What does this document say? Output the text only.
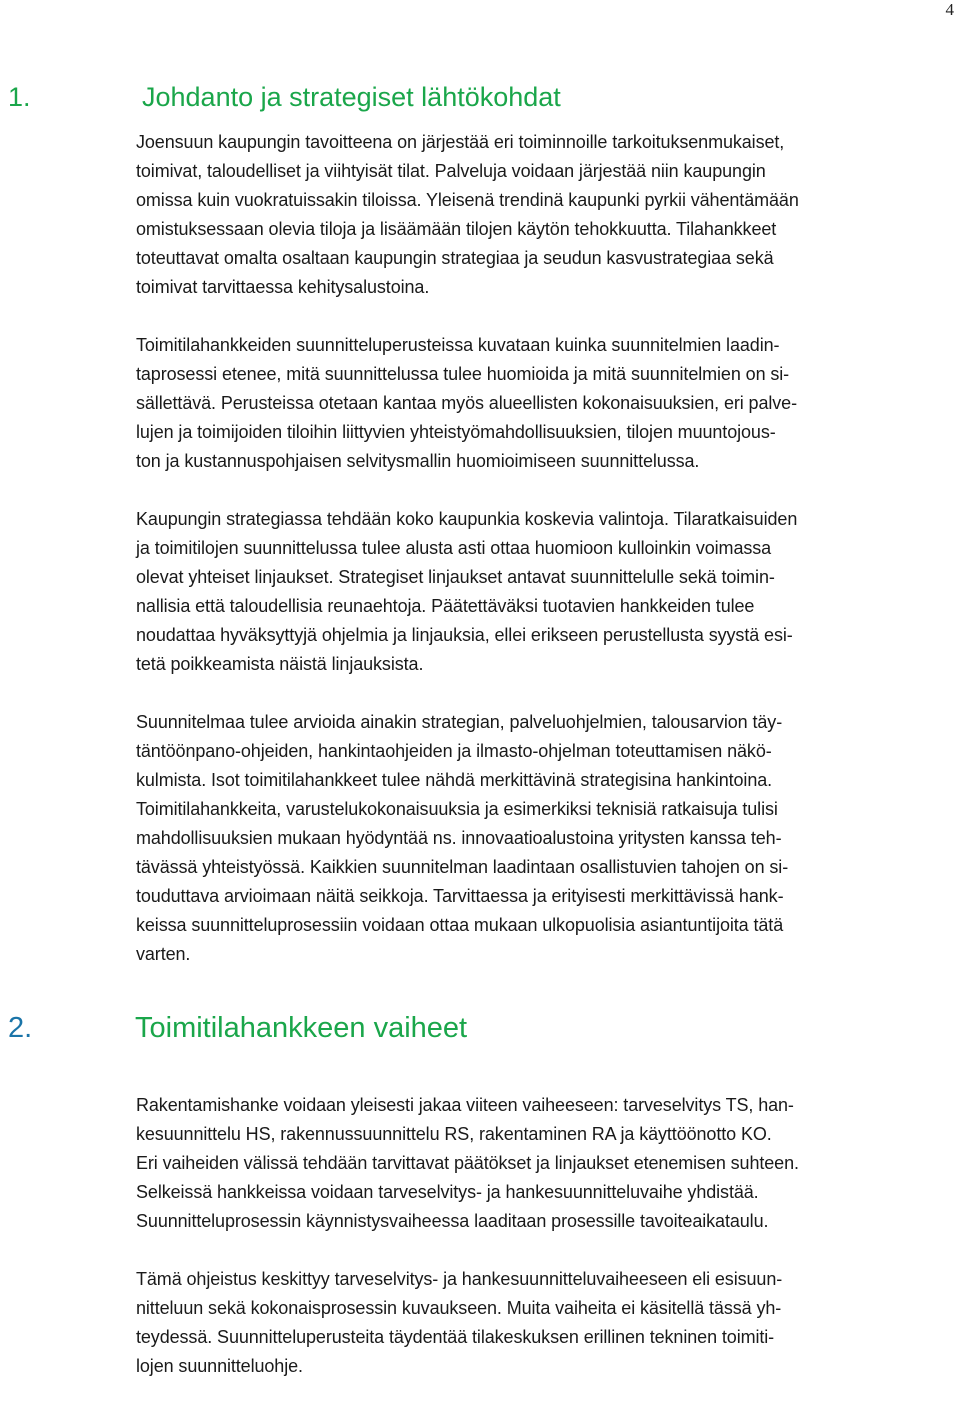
4
1.	Johdanto ja strategiset lähtökohdat

Joensuun kaupungin tavoitteena on järjestää eri toiminnoille tarkoituksenmukaiset,
toimivat, taloudelliset ja viihtyisät tilat. Palveluja voidaan järjestää niin kaupungin
omissa kuin vuokratuissakin tiloissa. Yleisenä trendinä kaupunki pyrkii vähentämään
omistuksessaan olevia tiloja ja lisäämään tilojen käytön tehokkuutta. Tilahankkeet
toteuttavat omalta osaltaan kaupungin strategiaa ja seudun kasvustrategiaa sekä
toimivat tarvittaessa kehitysalustoina.

Toimitilahankkeiden suunnitteluperusteissa kuvataan kuinka suunnitelmien laadin-
taprosessi etenee, mitä suunnittelussa tulee huomioida ja mitä suunnitelmien on si-
sällettävä. Perusteissa otetaan kantaa myös alueellisten kokonaisuuksien, eri palve-
lujen ja toimijoiden tiloihin liittyvien yhteistyömahdollisuuksien, tilojen muuntojous-
ton ja kustannuspohjaisen selvitysmallin huomioimiseen suunnittelussa.

Kaupungin strategiassa tehdään koko kaupunkia koskevia valintoja. Tilaratkaisuiden
ja toimitilojen suunnittelussa tulee alusta asti ottaa huomioon kulloinkin voimassa
olevat yhteiset linjaukset. Strategiset linjaukset antavat suunnittelulle sekä toimin-
nallisia että taloudellisia reunaehtoja. Päätettäväksi tuotavien hankkeiden tulee
noudattaa hyväksyttyjä ohjelmia ja linjauksia, ellei erikseen perustellusta syystä esi-
tetä poikkeamista näistä linjauksista.

Suunnitelmaa tulee arvioida ainakin strategian, palveluohjelmien, talousarvion täy-
täntöönpano-ohjeiden, hankintaohjeiden ja ilmasto-ohjelman toteuttamisen näkö-
kulmista. Isot toimitilahankkeet tulee nähdä merkittävinä strategisina hankintoina.
Toimitilahankkeita, varustelukokonaisuuksia ja esimerkiksi teknisiä ratkaisuja tulisi
mahdollisuuksien mukaan hyödyntää ns. innovaatioalustoina yritysten kanssa teh-
tävässä yhteistyössä. Kaikkien suunnitelman laadintaan osallistuvien tahojen on si-
touduttava arvioimaan näitä seikkoja. Tarvittaessa ja erityisesti merkittävissä hank-
keissa suunnitteluprosessiin voidaan ottaa mukaan ulkopuolisia asiantuntijoita tätä
varten.

2.	Toimitilahankkeen vaiheet

Rakentamishanke voidaan yleisesti jakaa viiteen vaiheeseen: tarveselvitys TS, han-
kesuunnittelu HS, rakennussuunnittelu RS, rakentaminen RA ja käyttöönotto KO.
Eri vaiheiden välissä tehdään tarvittavat päätökset ja linjaukset etenemisen suhteen.
Selkeissä hankkeissa voidaan tarveselvitys- ja hankesuunnitteluvaihe yhdistää.
Suunnitteluprosessin käynnistysvaiheessa laaditaan prosessille tavoiteaikataulu.

Tämä ohjeistus keskittyy tarveselvitys- ja hankesuunnitteluvaiheeseen eli esisuun-
nitteluun sekä kokonaisprosessin kuvaukseen. Muita vaiheita ei käsitellä tässä yh-
teydessä. Suunnitteluperusteita täydentää tilakeskuksen erillinen tekninen toimiti-
lojen suunnitteluohje.
